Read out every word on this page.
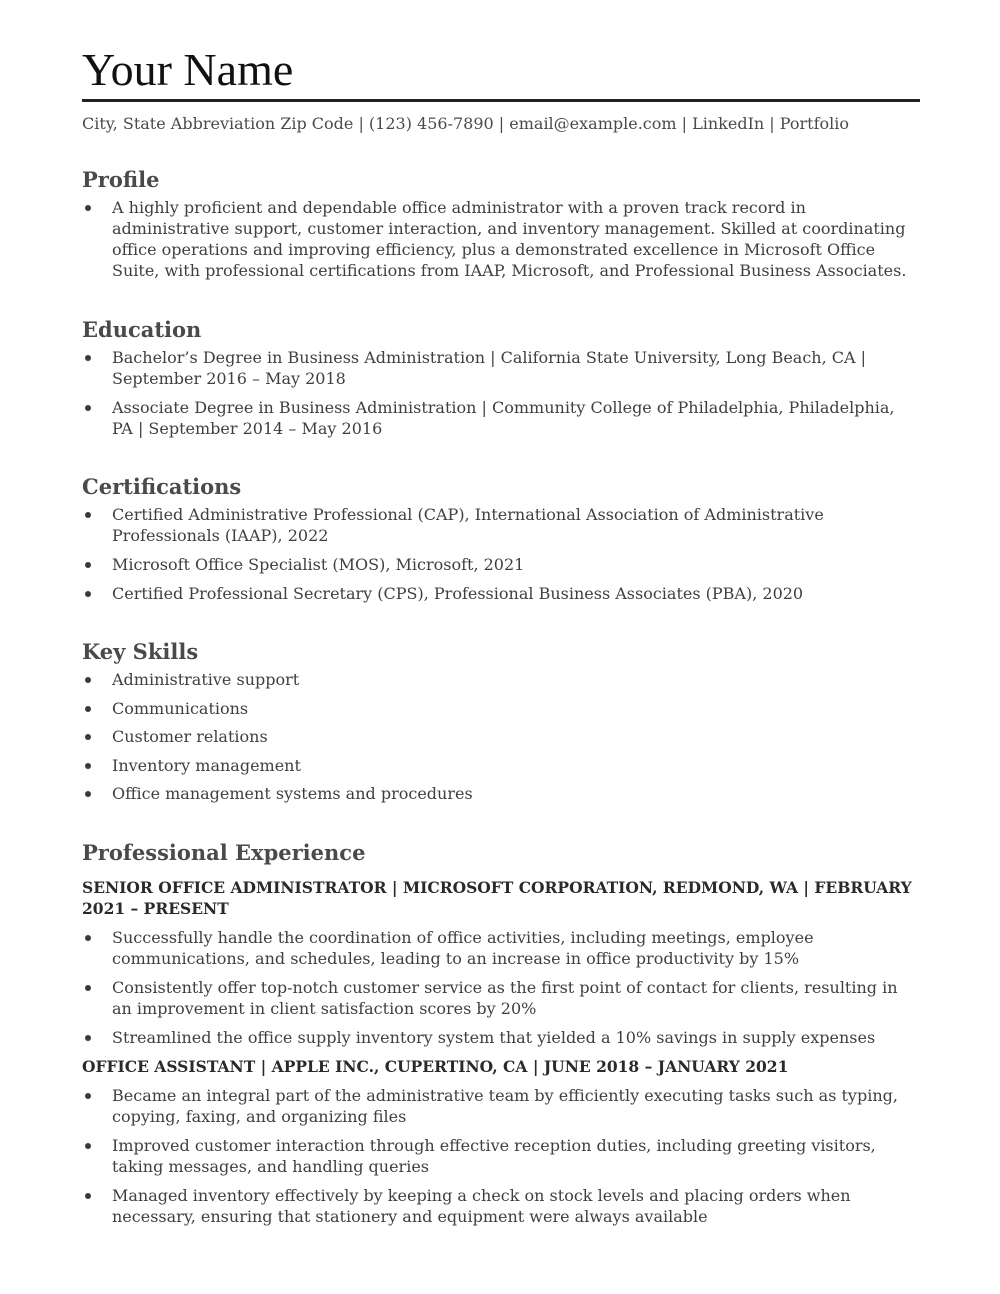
Your Name
City, State Abbreviation Zip Code | (123) 456-7890 | email@example.com | LinkedIn | Portfolio
Profile
A highly proficient and dependable office administrator with a proven track record in administrative support, customer interaction, and inventory management. Skilled at coordinating office operations and improving efficiency, plus a demonstrated excellence in Microsoft Office Suite, with professional certifications from IAAP, Microsoft, and Professional Business Associates.
Education
Bachelor’s Degree in Business Administration | California State University, Long Beach, CA | September 2016 – May 2018
Associate Degree in Business Administration | Community College of Philadelphia, Philadelphia, PA | September 2014 – May 2016
Certifications
Certified Administrative Professional (CAP), International Association of Administrative Professionals (IAAP), 2022
Microsoft Office Specialist (MOS), Microsoft, 2021
Certified Professional Secretary (CPS), Professional Business Associates (PBA), 2020
Key Skills
Administrative support
Communications
Customer relations
Inventory management
Office management systems and procedures
Professional Experience
SENIOR OFFICE ADMINISTRATOR | MICROSOFT CORPORATION, REDMOND, WA | FEBRUARY 2021 – PRESENT
Successfully handle the coordination of office activities, including meetings, employee communications, and schedules, leading to an increase in office productivity by 15%
Consistently offer top-notch customer service as the first point of contact for clients, resulting in an improvement in client satisfaction scores by 20%
Streamlined the office supply inventory system that yielded a 10% savings in supply expenses
OFFICE ASSISTANT | APPLE INC., CUPERTINO, CA | JUNE 2018 – JANUARY 2021
Became an integral part of the administrative team by efficiently executing tasks such as typing, copying, faxing, and organizing files
Improved customer interaction through effective reception duties, including greeting visitors, taking messages, and handling queries
Managed inventory effectively by keeping a check on stock levels and placing orders when necessary, ensuring that stationery and equipment were always available
